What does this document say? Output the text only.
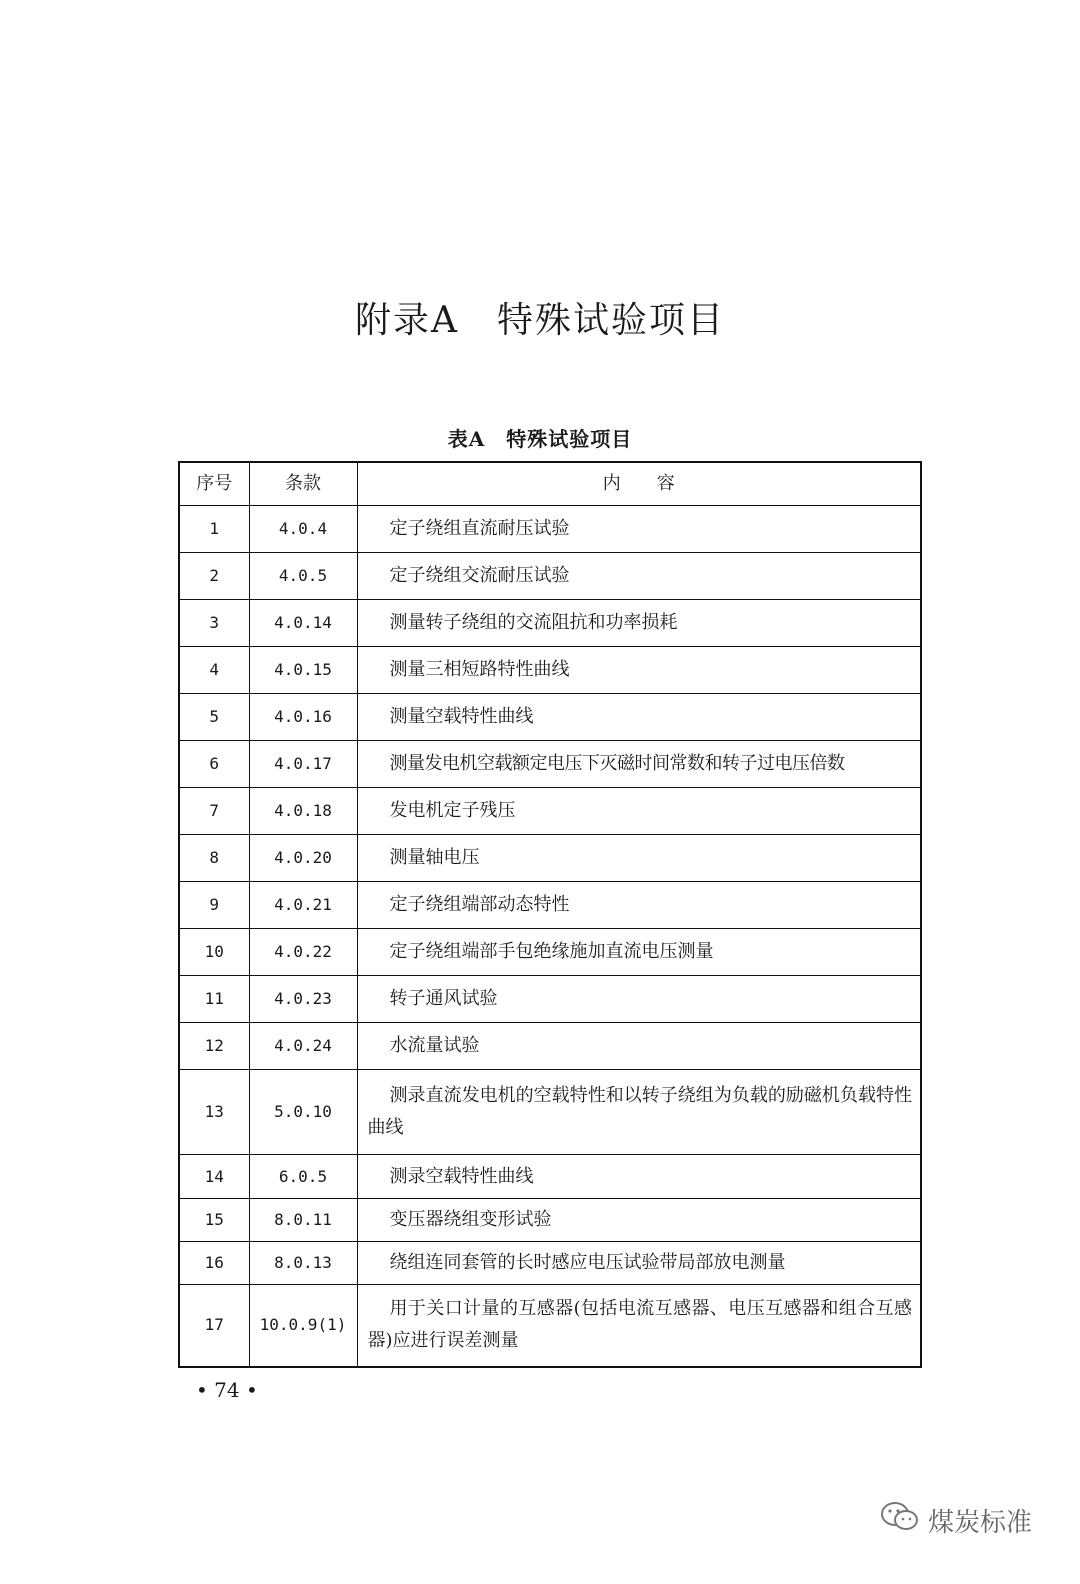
附录A　特殊试验项目
表A　特殊试验项目
序号	条款	内　　容
1	4.0.4	定子绕组直流耐压试验
2	4.0.5	定子绕组交流耐压试验
3	4.0.14	测量转子绕组的交流阻抗和功率损耗
4	4.0.15	测量三相短路特性曲线
5	4.0.16	测量空载特性曲线
6	4.0.17	测量发电机空载额定电压下灭磁时间常数和转子过电压倍数
7	4.0.18	发电机定子残压
8	4.0.20	测量轴电压
9	4.0.21	定子绕组端部动态特性
10	4.0.22	定子绕组端部手包绝缘施加直流电压测量
11	4.0.23	转子通风试验
12	4.0.24	水流量试验
13	5.0.10	测录直流发电机的空载特性和以转子绕组为负载的励磁机负载特性曲线
14	6.0.5	测录空载特性曲线
15	8.0.11	变压器绕组变形试验
16	8.0.13	绕组连同套管的长时感应电压试验带局部放电测量
17	10.0.9(1)	用于关口计量的互感器(包括电流互感器、电压互感器和组合互感器)应进行误差测量
• 74 •
煤炭标准
